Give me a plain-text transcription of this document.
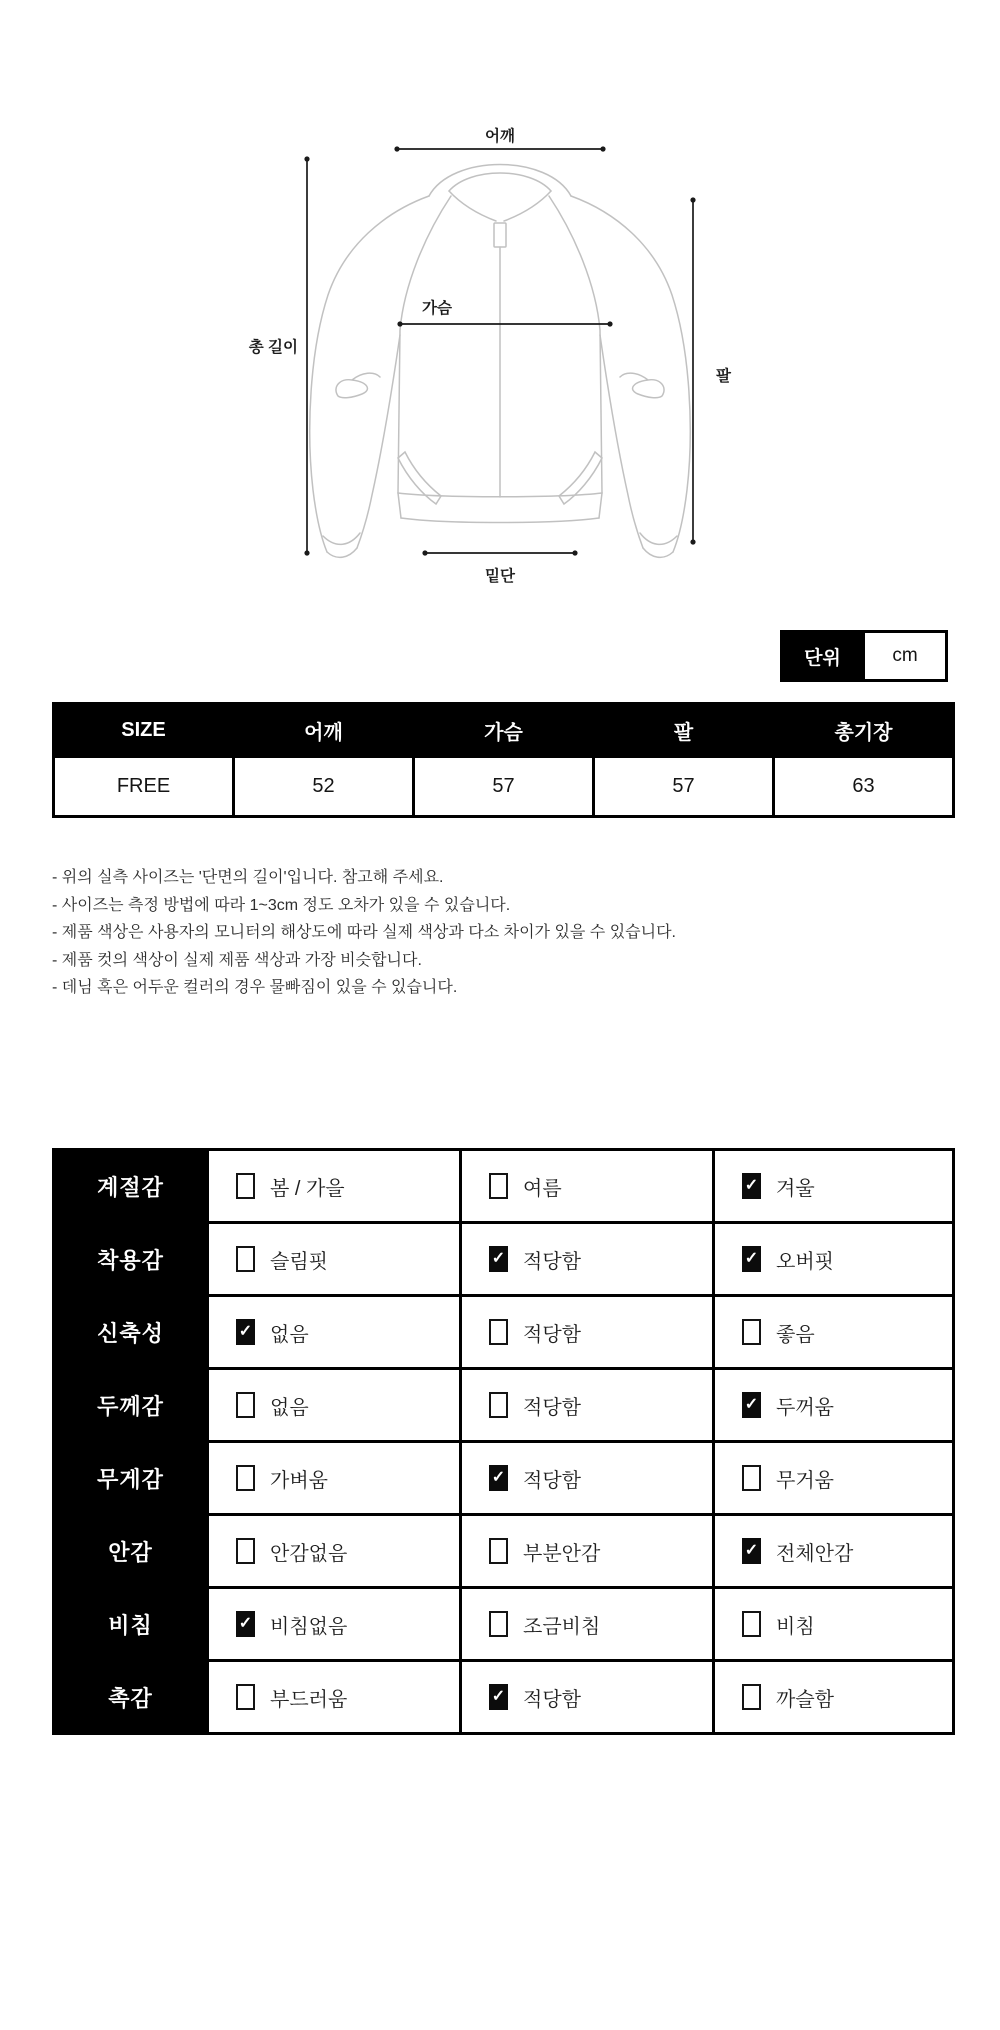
어깨
가슴
총 길이
팔
밑단
단위	cm
SIZE	어깨	가슴	팔	총기장
FREE	52	57	57	63

- 위의 실측 사이즈는 '단면의 길이'입니다. 참고해 주세요.

- 사이즈는 측정 방법에 따라 1~3cm 정도 오차가 있을 수 있습니다.

- 제품 색상은 사용자의 모니터의 해상도에 따라 실제 색상과 다소 차이가 있을 수 있습니다.

- 제품 컷의 색상이 실제 제품 색상과 가장 비슷합니다.

- 데님 혹은 어두운 컬러의 경우 물빠짐이 있을 수 있습니다.

계절감	봄 / 가을	여름 ✓	겨울
착용감	슬림핏 ✓	적당함 ✓	오버핏
신축성 ✓	없음	적당함	좋음
두께감	없음	적당함 ✓	두꺼움
무게감	가벼움 ✓	적당함	무거움
안감	안감없음	부분안감 ✓	전체안감
비침 ✓	비침없음	조금비침	비침
촉감	부드러움 ✓	적당함	까슬함
